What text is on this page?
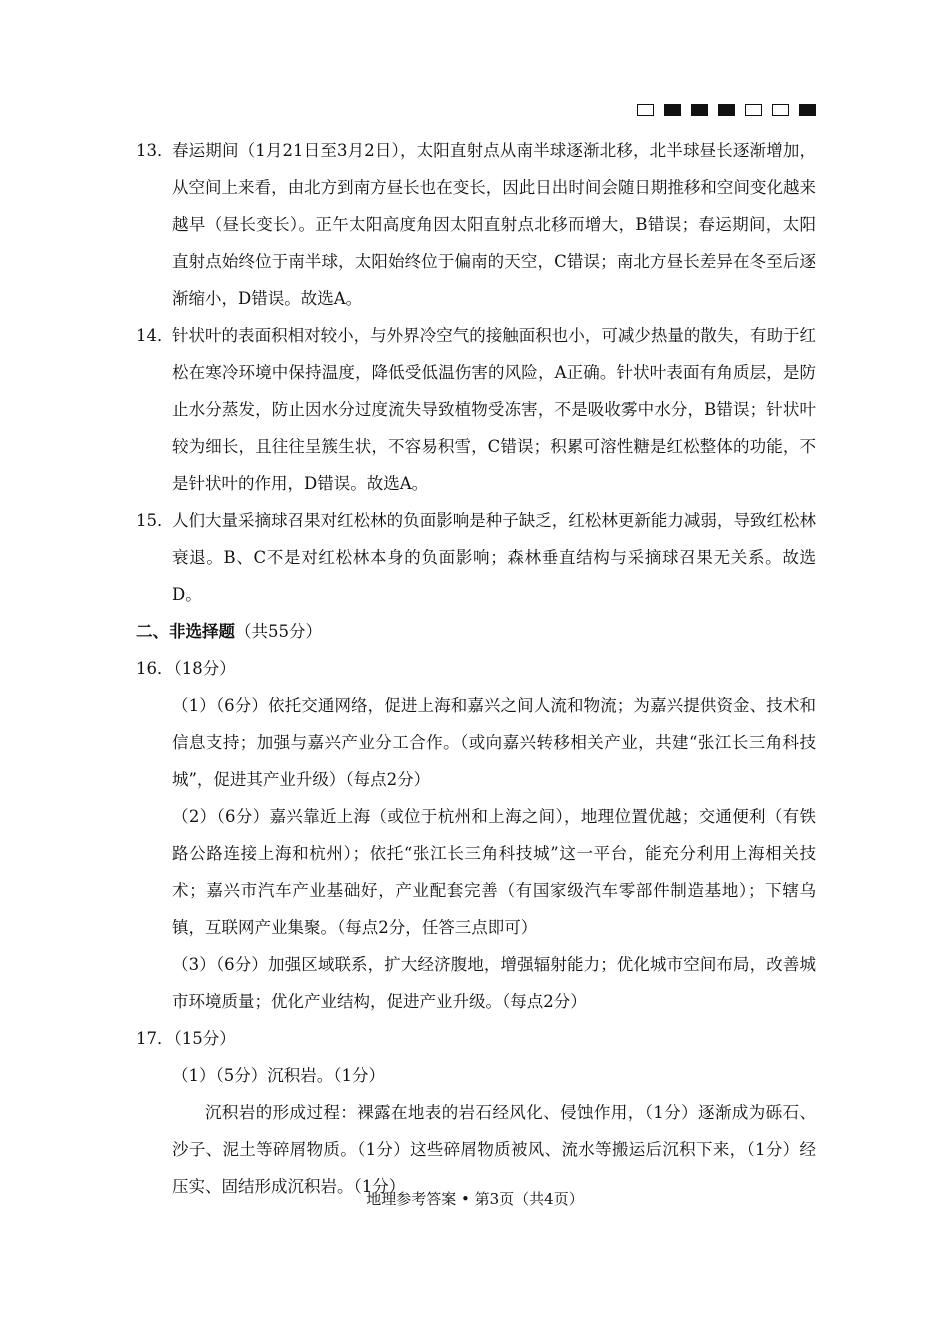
13．
春运期间（1月21日至3月2日），太阳直射点从南半球逐渐北移，北半球昼长逐渐增加，从空间上来看，由北方到南方昼长也在变长，因此日出时间会随日期推移和空间变化越来越早（昼长变长）。正午太阳高度角因太阳直射点北移而增大，B错误；春运期间，太阳直射点始终位于南半球，太阳始终位于偏南的天空，C错误；南北方昼长差异在冬至后逐渐缩小，D错误。故选A。
14．
针状叶的表面积相对较小，与外界冷空气的接触面积也小，可减少热量的散失，有助于红松在寒冷环境中保持温度，降低受低温伤害的风险，A正确。针状叶表面有角质层，是防止水分蒸发，防止因水分过度流失导致植物受冻害，不是吸收雾中水分，B错误；针状叶较为细长，且往往呈簇生状，不容易积雪，C错误；积累可溶性糖是红松整体的功能，不是针状叶的作用，D错误。故选A。
15．
人们大量采摘球召果对红松林的负面影响是种子缺乏，红松林更新能力减弱，导致红松林衰退。B、C不是对红松林本身的负面影响；森林垂直结构与采摘球召果无关系。故选D。
二、非选择题（共55分）
16．（18分）
（1）（6分）依托交通网络，促进上海和嘉兴之间人流和物流；为嘉兴提供资金、技术和信息支持；加强与嘉兴产业分工合作。（或向嘉兴转移相关产业，共建“张江长三角科技城”，促进其产业升级）（每点2分）
（2）（6分）嘉兴靠近上海（或位于杭州和上海之间），地理位置优越；交通便利（有铁路公路连接上海和杭州）；依托“张江长三角科技城”这一平台，能充分利用上海相关技术；嘉兴市汽车产业基础好，产业配套完善（有国家级汽车零部件制造基地）；下辖乌镇，互联网产业集聚。（每点2分，任答三点即可）
（3）（6分）加强区域联系，扩大经济腹地，增强辐射能力；优化城市空间布局，改善城市环境质量；优化产业结构，促进产业升级。（每点2分）
17．（15分）
（1）（5分）沉积岩。（1分）
沉积岩的形成过程：裸露在地表的岩石经风化、侵蚀作用，（1分）逐渐成为砾石、沙子、泥土等碎屑物质。（1分）这些碎屑物质被风、流水等搬运后沉积下来，（1分）经压实、固结形成沉积岩。（1分）
地理参考答案 • 第3页（共4页）
